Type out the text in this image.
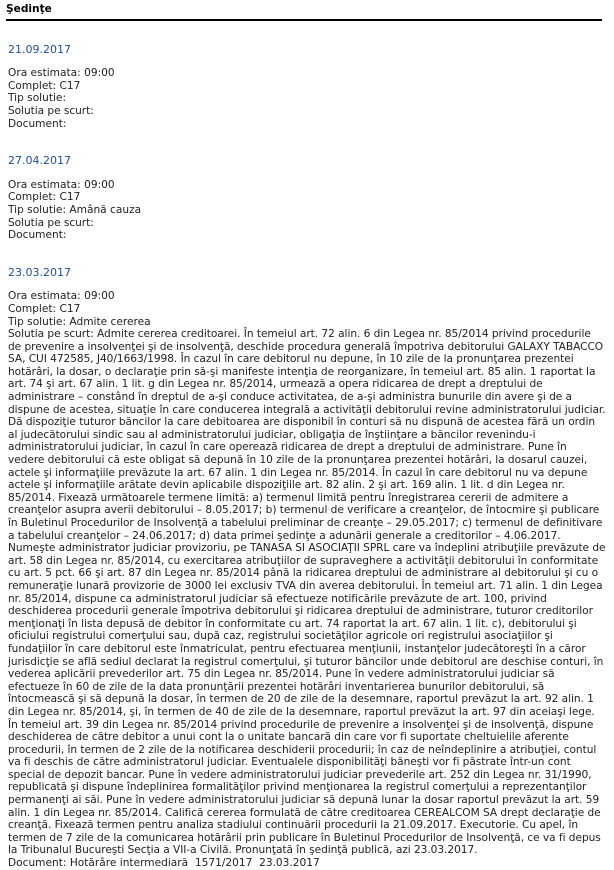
Şedinţe
21.09.2017
Ora estimata: 09:00
Complet: C17
Tip solutie:
Solutia pe scurt:
Document:
27.04.2017
Ora estimata: 09:00
Complet: C17
Tip solutie: Amână cauza
Solutia pe scurt:
Document:
23.03.2017
Ora estimata: 09:00
Complet: C17
Tip solutie: Admite cererea
Solutia pe scurt: Admite cererea creditoarei. În temeiul art. 72 alin. 6 din Legea nr. 85/2014 privind procedurile de prevenire a insolvenţei şi de insolvenţă, deschide procedura generală împotriva debitorului GALAXY TABACCO SA, CUI 472585, J40/1663/1998. În cazul în care debitorul nu depune, în 10 zile de la pronunţarea prezentei hotărâri, la dosar, o declaraţie prin să-şi manifeste intenţia de reorganizare, în temeiul art. 85 alin. 1 raportat la art. 74 şi art. 67 alin. 1 lit. g din Legea nr. 85/2014, urmează a opera ridicarea de drept a dreptului de administrare – constând în dreptul de a-şi conduce activitatea, de a-şi administra bunurile din avere şi de a dispune de acestea, situaţie în care conducerea integrală a activităţii debitorului revine administratorului judiciar. Dă dispoziţie tuturor băncilor la care debitoarea are disponibil în conturi să nu dispună de acestea fără un ordin al judecătorului sindic sau al administratorului judiciar, obligaţia de înştiinţare a băncilor revenindu-i administratorului judiciar, în cazul în care operează ridicarea de drept a dreptului de administrare. Pune în vedere debitorului că este obligat să depună în 10 zile de la pronunţarea prezentei hotărâri, la dosarul cauzei, actele şi informaţiile prevăzute la art. 67 alin. 1 din Legea nr. 85/2014. În cazul în care debitorul nu va depune actele şi informaţiile arătate devin aplicabile dispoziţiile art. 82 alin. 2 şi art. 169 alin. 1 lit. d din Legea nr. 85/2014. Fixează următoarele termene limită: a) termenul limită pentru înregistrarea cererii de admitere a creanţelor asupra averii debitorului – 8.05.2017; b) termenul de verificare a creanţelor, de întocmire şi publicare în Buletinul Procedurilor de Insolvenţă a tabelului preliminar de creanţe – 29.05.2017; c) termenul de definitivare a tabelului creanţelor – 24.06.2017; d) data primei şedinţe a adunării generale a creditorilor – 4.06.2017. Numeşte administrator judiciar provizoriu, pe TANASA SI ASOCIAŢII SPRL care va îndeplini atribuţiile prevăzute de art. 58 din Legea nr. 85/2014, cu exercitarea atribuţiilor de supraveghere a activităţii debitorului în conformitate cu art. 5 pct. 66 şi art. 87 din Legea nr. 85/2014 până la ridicarea dreptului de administrare al debitorului şi cu o remuneraţie lunară provizorie de 3000 lei exclusiv TVA din averea debitorului. În temeiul art. 71 alin. 1 din Legea nr. 85/2014, dispune ca administratorul judiciar să efectueze notificările prevăzute de art. 100, privind deschiderea procedurii generale împotriva debitorului şi ridicarea dreptului de administrare, tuturor creditorilor menţionaţi în lista depusă de debitor în conformitate cu art. 74 raportat la art. 67 alin. 1 lit. c), debitorului şi oficiului registrului comerţului sau, după caz, registrului societăţilor agricole ori registrului asociaţiilor şi fundaţiilor în care debitorul este înmatriculat, pentru efectuarea menţiunii, instanţelor judecătoreşti în a căror jurisdicţie se află sediul declarat la registrul comerţului, şi tuturor băncilor unde debitorul are deschise conturi, în vederea aplicării prevederilor art. 75 din Legea nr. 85/2014. Pune în vedere administratorului judiciar să efectueze în 60 de zile de la data pronunţării prezentei hotărâri inventarierea bunurilor debitorului, să întocmească şi să depună la dosar, în termen de 20 de zile de la desemnare, raportul prevăzut la art. 92 alin. 1 din Legea nr. 85/2014, şi, în termen de 40 de zile de la desemnare, raportul prevăzut la art. 97 din aceiaşi lege. În temeiul art. 39 din Legea nr. 85/2014 privind procedurile de prevenire a insolvenţei şi de insolvenţă, dispune deschiderea de către debitor a unui cont la o unitate bancară din care vor fi suportate cheltuielile aferente procedurii, în termen de 2 zile de la notificarea deschiderii procedurii; în caz de neîndeplinire a atribuţiei, contul va fi deschis de către administratorul judiciar. Eventualele disponibilităţi băneşti vor fi păstrate într-un cont special de depozit bancar. Pune în vedere administratorului judiciar prevederile art. 252 din Legea nr. 31/1990, republicată şi dispune îndeplinirea formalităţilor privind menţionarea la registrul comerţului a reprezentanţilor permanenţi ai săi. Pune în vedere administratorului judiciar să depună lunar la dosar raportul prevăzut la art. 59 alin. 1 din Legea nr. 85/2014. Califică cererea formulată de către creditoarea CEREALCOM SA drept declaraţie de creanţă. Fixează termen pentru analiza stadiului continuării procedurii la 21.09.2017. Executorie. Cu apel, în termen de 7 zile de la comunicarea hotărârii prin publicare în Buletinul Procedurilor de Insolvenţă, ce va fi depus la Tribunalul Bucureşti Secţia a VII-a Civilă. Pronunţată în şedinţă publică, azi 23.03.2017.
Document: Hotărâre intermediară  1571/2017  23.03.2017
